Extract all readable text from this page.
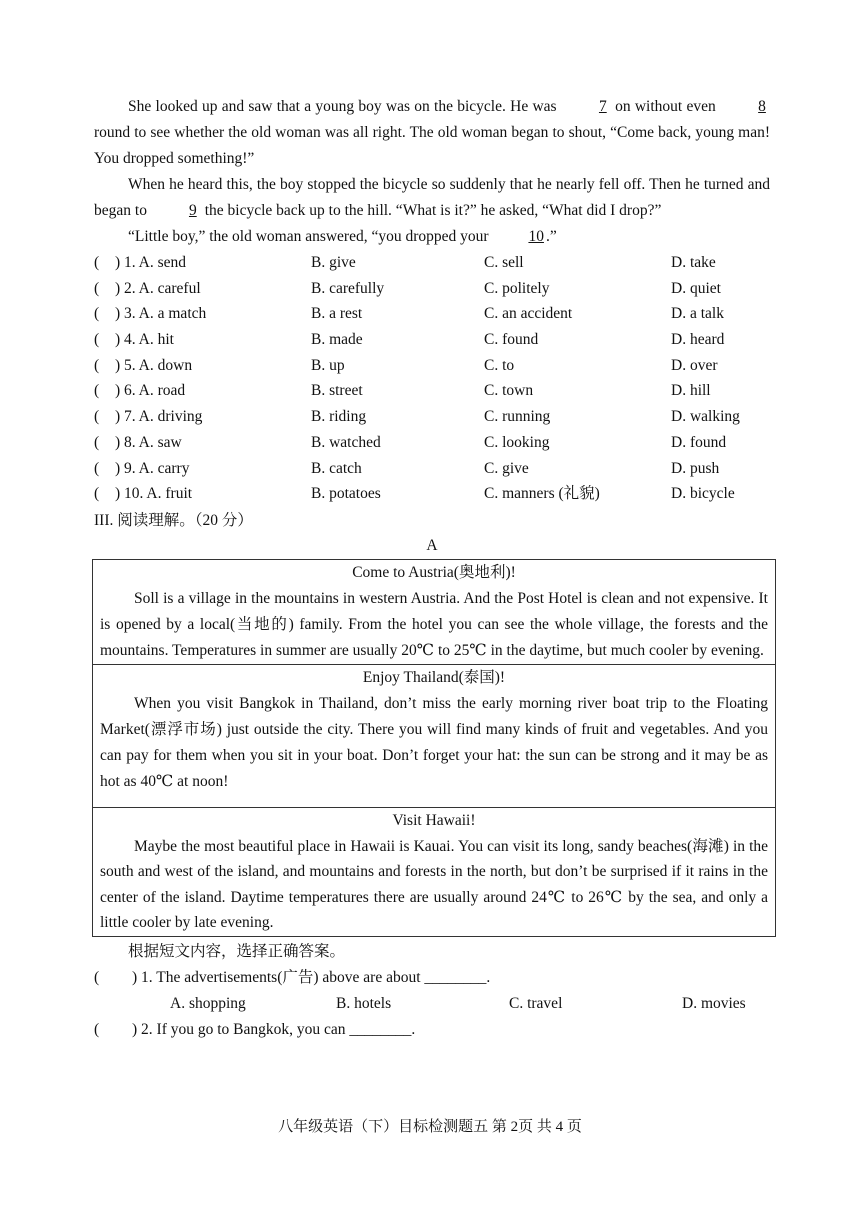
She looked up and saw that a young boy was on the bicycle. He was	7 on without even	8 round to see whether the old woman was all right. The old woman began to shout, “Come back, young man! You dropped something!”

When he heard this, the boy stopped the bicycle so suddenly that he nearly fell off. Then he turned and began to	9 the bicycle back up to the hill. “What is it?” he asked, “What did I drop?”

“Little boy,” the old woman answered, “you dropped your	10 .”

(	) 1. A. send	B. give	C. sell	D. take
(	) 2. A. careful	B. carefully	C. politely	D. quiet
(	) 3. A. a match	B. a rest	C. an accident	D. a talk
(	) 4. A. hit	B. made	C. found	D. heard
(	) 5. A. down	B. up	C. to	D. over
(	) 6. A. road	B. street	C. town	D. hill
(	) 7. A. driving	B. riding	C. running	D. walking
(	) 8. A. saw	B. watched	C. looking	D. found
(	) 9. A. carry	B. catch	C. give	D. push
(	) 10. A. fruit	B. potatoes	C. manners (礼貌)	D. bicycle
III. 阅读理解。（20 分）
A
Come to Austria(奥地利)!

Soll is a village in the mountains in western Austria. And the Post Hotel is clean and not expensive. It is opened by a local(当地的) family. From the hotel you can see the whole village, the forests and the mountains. Temperatures in summer are usually 20℃ to 25℃ in the daytime, but much cooler by evening.

Enjoy Thailand(泰国)!

When you visit Bangkok in Thailand, don’t miss the early morning river boat trip to the Floating Market(漂浮市场) just outside the city. There you will find many kinds of fruit and vegetables. And you can pay for them when you sit in your boat. Don’t forget your hat: the sun can be strong and it may be as hot as 40℃ at noon!

Visit Hawaii!

Maybe the most beautiful place in Hawaii is Kauai. You can visit its long, sandy beaches(海滩) in the south and west of the island, and mountains and forests in the north, but don’t be surprised if it rains in the center of the island. Daytime temperatures there are usually around 24℃ to 26℃ by the sea, and only a little cooler by late evening.

根据短文内容，选择正确答案。

(	) 1. The advertisements(广告) above are about ________.
A. shopping	B. hotels	C. travel	D. movies
(	) 2. If you go to Bangkok, you can ________.
八年级英语（下）目标检测题五 第 2页 共 4 页
